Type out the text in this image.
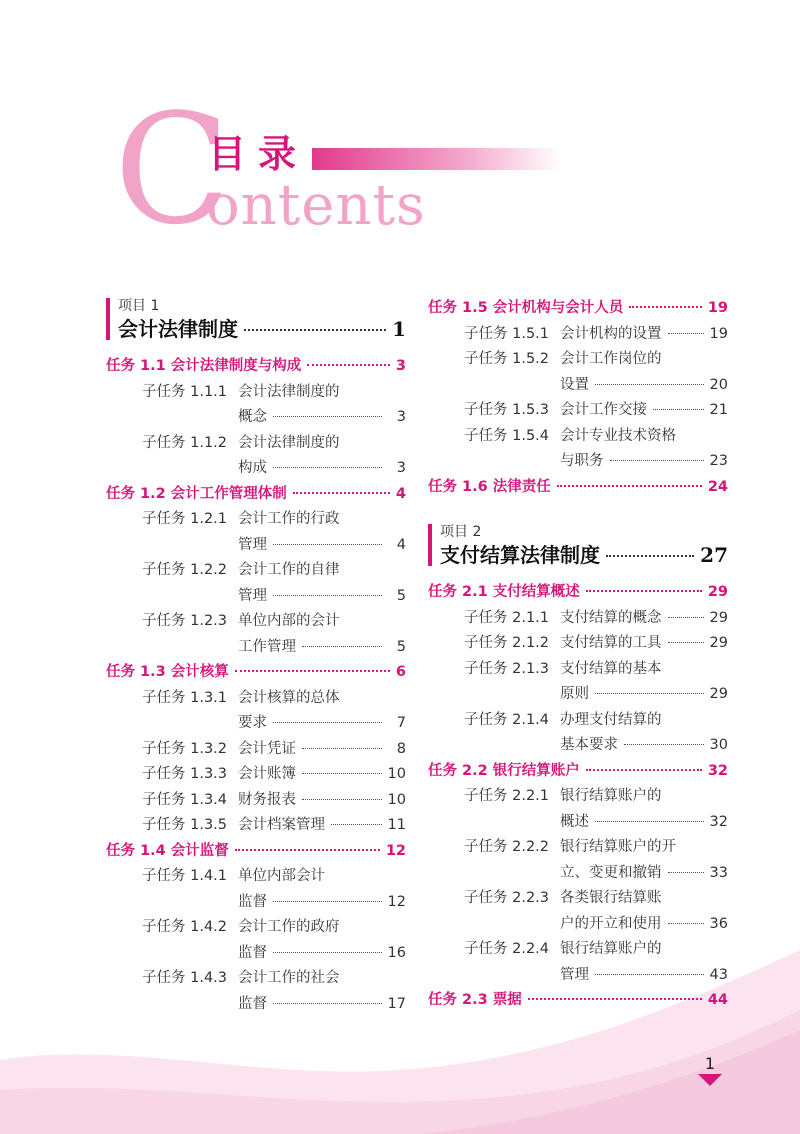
C
目录
ontents
项目 1
会计法律制度	1
任务 1.1 会计法律制度与构成	3
子任务 1.1.1 会计法律制度的
概念	3
子任务 1.1.2 会计法律制度的
构成	3
任务 1.2 会计工作管理体制	4
子任务 1.2.1 会计工作的行政
管理	4
子任务 1.2.2 会计工作的自律
管理	5
子任务 1.2.3 单位内部的会计
工作管理	5
任务 1.3 会计核算	6
子任务 1.3.1 会计核算的总体
要求	7
子任务 1.3.2 会计凭证	8
子任务 1.3.3 会计账簿	10
子任务 1.3.4 财务报表	10
子任务 1.3.5 会计档案管理	11
任务 1.4 会计监督	12
子任务 1.4.1 单位内部会计
监督	12
子任务 1.4.2 会计工作的政府
监督	16
子任务 1.4.3 会计工作的社会
监督	17
任务 1.5 会计机构与会计人员	19
子任务 1.5.1 会计机构的设置	19
子任务 1.5.2 会计工作岗位的
设置	20
子任务 1.5.3 会计工作交接	21
子任务 1.5.4 会计专业技术资格
与职务	23
任务 1.6 法律责任	24
项目 2
支付结算法律制度	27
任务 2.1 支付结算概述	29
子任务 2.1.1 支付结算的概念	29
子任务 2.1.2 支付结算的工具	29
子任务 2.1.3 支付结算的基本
原则	29
子任务 2.1.4 办理支付结算的
基本要求	30
任务 2.2 银行结算账户	32
子任务 2.2.1 银行结算账户的
概述	32
子任务 2.2.2 银行结算账户的开
立、变更和撤销	33
子任务 2.2.3 各类银行结算账
户的开立和使用	36
子任务 2.2.4 银行结算账户的
管理	43
任务 2.3 票据	44
1
